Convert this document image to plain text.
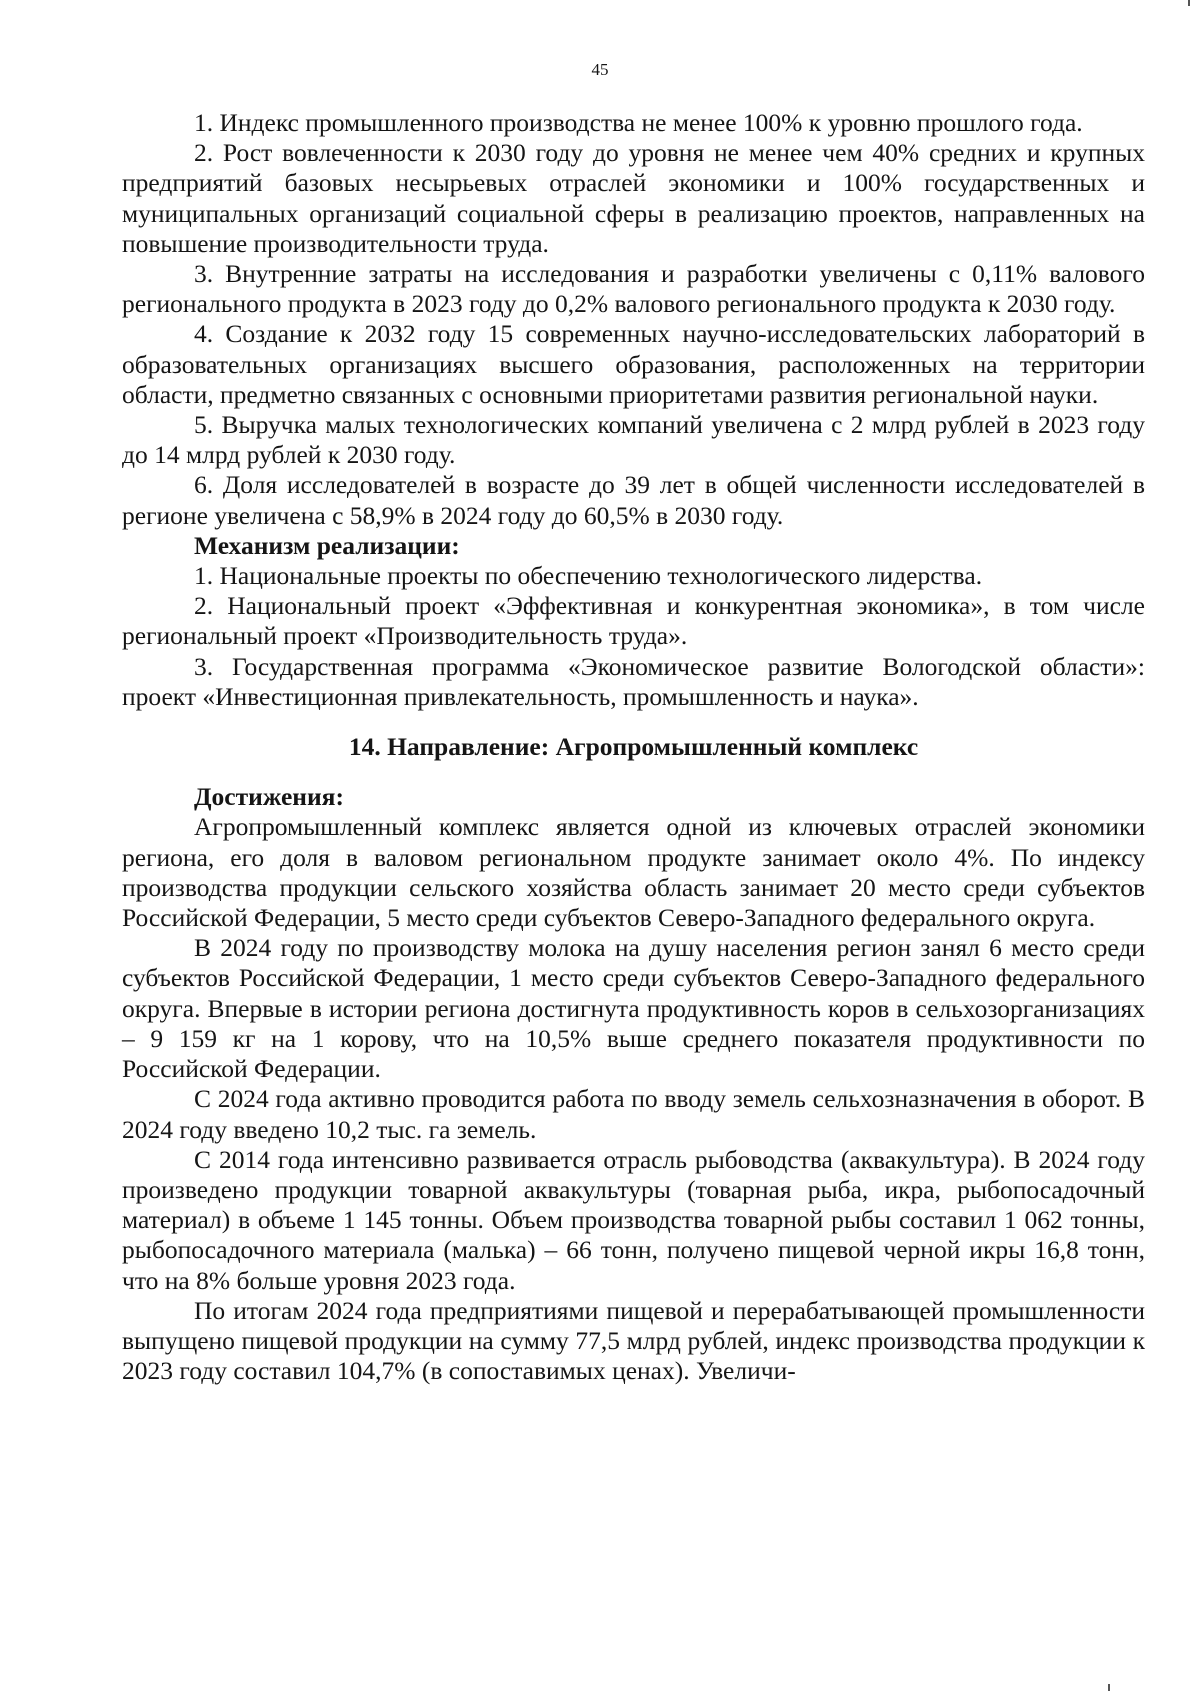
45

1. Индекс промышленного производства не менее 100% к уровню прошлого года.

2. Рост вовлеченности к 2030 году до уровня не менее чем 40% средних и крупных предприятий базовых несырьевых отраслей экономики и 100% государственных и муниципальных организаций социальной сферы в реализацию проектов, направленных на повышение производительности труда.

3. Внутренние затраты на исследования и разработки увеличены с 0,11% валового регионального продукта в 2023 году до 0,2% валового регионального продукта к 2030 году.

4. Создание к 2032 году 15 современных научно-исследовательских лабораторий в образовательных организациях высшего образования, расположенных на территории области, предметно связанных с основными приоритетами развития региональной науки.

5. Выручка малых технологических компаний увеличена с 2 млрд рублей в 2023 году до 14 млрд рублей к 2030 году.

6. Доля исследователей в возрасте до 39 лет в общей численности исследователей в регионе увеличена с 58,9% в 2024 году до 60,5% в 2030 году.

Механизм реализации:

1. Национальные проекты по обеспечению технологического лидерства.

2. Национальный проект «Эффективная и конкурентная экономика», в том числе региональный проект «Производительность труда».

3. Государственная программа «Экономическое развитие Вологодской области»: проект «Инвестиционная привлекательность, промышленность и наука».

14. Направление: Агропромышленный комплекс

Достижения:

Агропромышленный комплекс является одной из ключевых отраслей экономики региона, его доля в валовом региональном продукте занимает около 4%. По индексу производства продукции сельского хозяйства область занимает 20 место среди субъектов Российской Федерации, 5 место среди субъектов Северо-Западного федерального округа.

В 2024 году по производству молока на душу населения регион занял 6 место среди субъектов Российской Федерации, 1 место среди субъектов Северо-Западного федерального округа. Впервые в истории региона достигнута продуктивность коров в сельхозорганизациях – 9 159 кг на 1 корову, что на 10,5% выше среднего показателя продуктивности по Российской Федерации.

С 2024 года активно проводится работа по вводу земель сельхозназначения в оборот. В 2024 году введено 10,2 тыс. га земель.

С 2014 года интенсивно развивается отрасль рыбоводства (аквакультура). В 2024 году произведено продукции товарной аквакультуры (товарная рыба, икра, рыбопосадочный материал) в объеме 1 145 тонны. Объем производства товарной рыбы составил 1 062 тонны, рыбопосадочного материала (малька) – 66 тонн, получено пищевой черной икры 16,8 тонн, что на 8% больше уровня 2023 года.

По итогам 2024 года предприятиями пищевой и перерабатывающей промышленности выпущено пищевой продукции на сумму 77,5 млрд рублей, индекс производства продукции к 2023 году составил 104,7% (в сопоставимых ценах). Увеличи-
